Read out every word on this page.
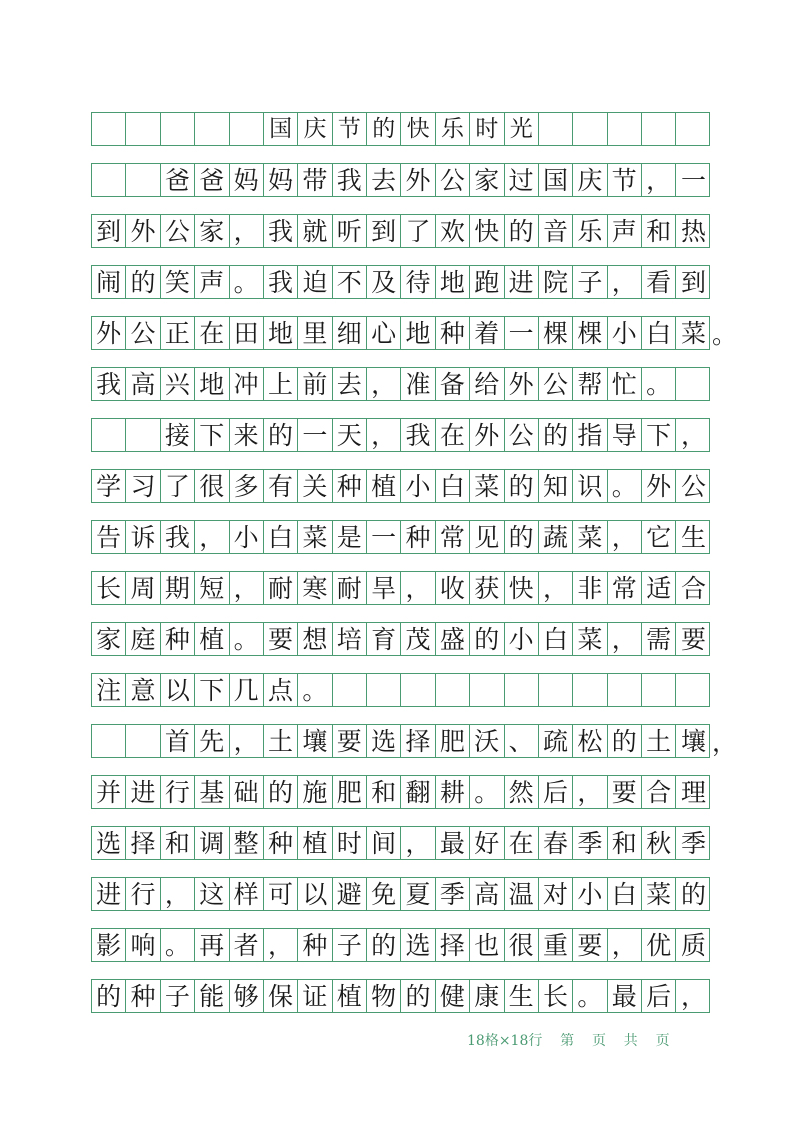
国 庆 节 的 快 乐 时 光
爸 爸 妈 妈 带 我 去 外 公 家 过 国 庆 节 ， 一
到 外 公 家 ， 我 就 听 到 了 欢 快 的 音 乐 声 和 热
闹 的 笑 声 。 我 迫 不 及 待 地 跑 进 院 子 ， 看 到
外 公 正 在 田 地 里 细 心 地 种 着 一 棵 棵 小 白 菜 。
我 高 兴 地 冲 上 前 去 ， 准 备 给 外 公 帮 忙 。
接 下 来 的 一 天 ， 我 在 外 公 的 指 导 下 ，
学 习 了 很 多 有 关 种 植 小 白 菜 的 知 识 。 外 公
告 诉 我 ， 小 白 菜 是 一 种 常 见 的 蔬 菜 ， 它 生
长 周 期 短 ， 耐 寒 耐 旱 ， 收 获 快 ， 非 常 适 合
家 庭 种 植 。 要 想 培 育 茂 盛 的 小 白 菜 ， 需 要
注 意 以 下 几 点 。
首 先 ， 土 壤 要 选 择 肥 沃 、 疏 松 的 土 壤 ，
并 进 行 基 础 的 施 肥 和 翻 耕 。 然 后 ， 要 合 理
选 择 和 调 整 种 植 时 间 ， 最 好 在 春 季 和 秋 季
进 行 ， 这 样 可 以 避 免 夏 季 高 温 对 小 白 菜 的
影 响 。 再 者 ， 种 子 的 选 择 也 很 重 要 ， 优 质
的 种 子 能 够 保 证 植 物 的 健 康 生 长 。 最 后 ，
18格×18行 第 页 共 页
